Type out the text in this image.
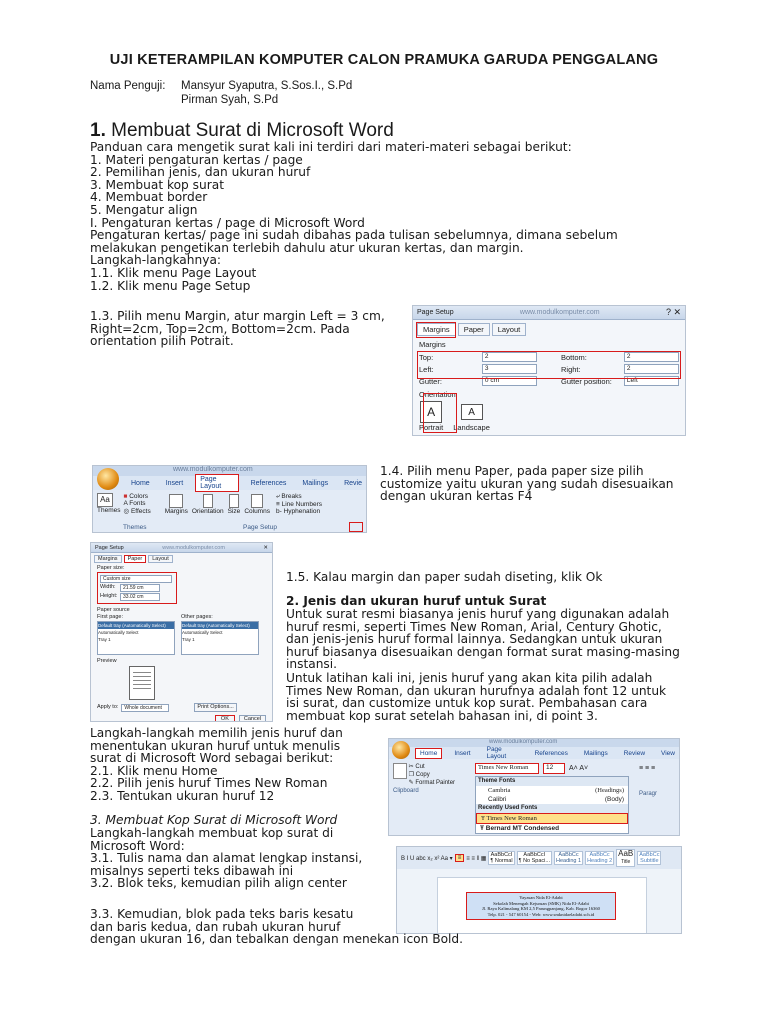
UJI KETERAMPILAN KOMPUTER CALON PRAMUKA GARUDA PENGGALANG
Nama Penguji: Mansyur Syaputra, S.Sos.I., S.Pd
Pirman Syah, S.Pd
1. Membuat Surat di Microsoft Word
Panduan cara mengetik surat kali ini terdiri dari materi-materi sebagai berikut:
1. Materi pengaturan kertas / page
2. Pemilihan jenis, dan ukuran huruf
3. Membuat kop surat
4. Membuat border
5. Mengatur align
I. Pengaturan kertas / page di Microsoft Word
Pengaturan kertas/ page ini sudah dibahas pada tulisan sebelumnya, dimana sebelum
melakukan pengetikan terlebih dahulu atur ukuran kertas, dan margin.
Langkah-langkahnya:
1.1. Klik menu Page Layout
1.2. Klik menu Page Setup
1.3. Pilih menu Margin, atur margin Left = 3 cm,
Right=2cm, Top=2cm, Bottom=2cm. Pada
orientation pilih Potrait.
Page Setup	www.modulkomputer.com	? ✕
Margins	Paper	Layout
Margins
Top:	2	Bottom:	2
Left:	3	Right:	2
Gutter:	0 cm	Gutter position:	Left
Orientation
A
Portrait
A
Landscape
www.modulkomputer.com
Home	Insert	Page Layout	References	Mailings	Revie
Aa
Themes
■ Colors
A Fonts
◎ Effects Margins Orientation Size Columns
⤶ Breaks
≡ Line Numbers
b‑ Hyphenation
Themes	Page Setup
1.4. Pilih menu Paper, pada paper size pilih
customize yaitu ukuran yang sudah disesuaikan
dengan ukuran kertas F4
Page Setup	www.modulkomputer.com	✕
Margins	Paper	Layout
Paper size:
Custom size
Width:	21.59 cm
Height:	33.02 cm
Paper source
First page:
Default tray (Automatically Select)
Automatically Select
Tray 1
Other pages:
Default tray (Automatically Select)
Automatically Select
Tray 1
Preview
Apply to:	Whole document	Print Options...
OK	Cancel
1.5. Kalau margin dan paper sudah diseting, klik Ok
2. Jenis dan ukuran huruf untuk Surat
Untuk surat resmi biasanya jenis huruf yang digunakan adalah
huruf resmi, seperti Times New Roman, Arial, Century Ghotic,
dan jenis-jenis huruf formal lainnya. Sedangkan untuk ukuran
huruf biasanya disesuaikan dengan format surat masing-masing
instansi.
Untuk latihan kali ini, jenis huruf yang akan kita pilih adalah
Times New Roman, dan ukuran hurufnya adalah font 12 untuk
isi surat, dan customize untuk kop surat. Pembahasan cara
membuat kop surat setelah bahasan ini, di point 3.
Langkah-langkah memilih jenis huruf dan
menentukan ukuran huruf untuk menulis
surat di Microsoft Word sebagai berikut:
2.1. Klik menu Home
2.2. Pilih jenis huruf Times New Roman
2.3. Tentukan ukuran huruf 12
www.modulkomputer.com
Home	Insert	Page Layout	References	Mailings	Review	View

✂ Cut
❐ Copy
✎ Format Painter
Clipboard
Times New Roman	12	A˄ A˅
Theme Fonts
Cambria	(Headings)
Calibri	(Body)
Recently Used Fonts
Ŧ Times New Roman
Ŧ Bernard MT Condensed
≡ ≡ ≡
Paragr
3. Membuat Kop Surat di Microsoft Word
Langkah-langkah membuat kop surat di
Microsoft Word:
3.1. Tulis nama dan alamat lengkap instansi,
misalnys seperti teks dibawah ini
3.2. Blok teks, kemudian pilih align center
B I U abc x₂ x² Aa ▾ ≡ ≡ ≡ ‖ ▦
AaBbCcI
¶ Normal
AaBbCcI
¶ No Spaci...
AaBbCc
Heading 1
AaBbCc
Heading 2
AaB
Title
AaBbCc
Subtitle
Yayasan Nida El-Adabi
Sekolah Menengah Kejuruan (SMK) Nida El-Adabi
Jl. Raya Kalimalang KM 2,5 Parungpanjang, Kab. Bogor 16360
Telp. 021 - 547 60154 - Web: www.smknidaeladabi.sch.id
3.3. Kemudian, blok pada teks baris kesatu
dan baris kedua, dan rubah ukuran huruf
dengan ukuran 16, dan tebalkan dengan menekan icon Bold.
